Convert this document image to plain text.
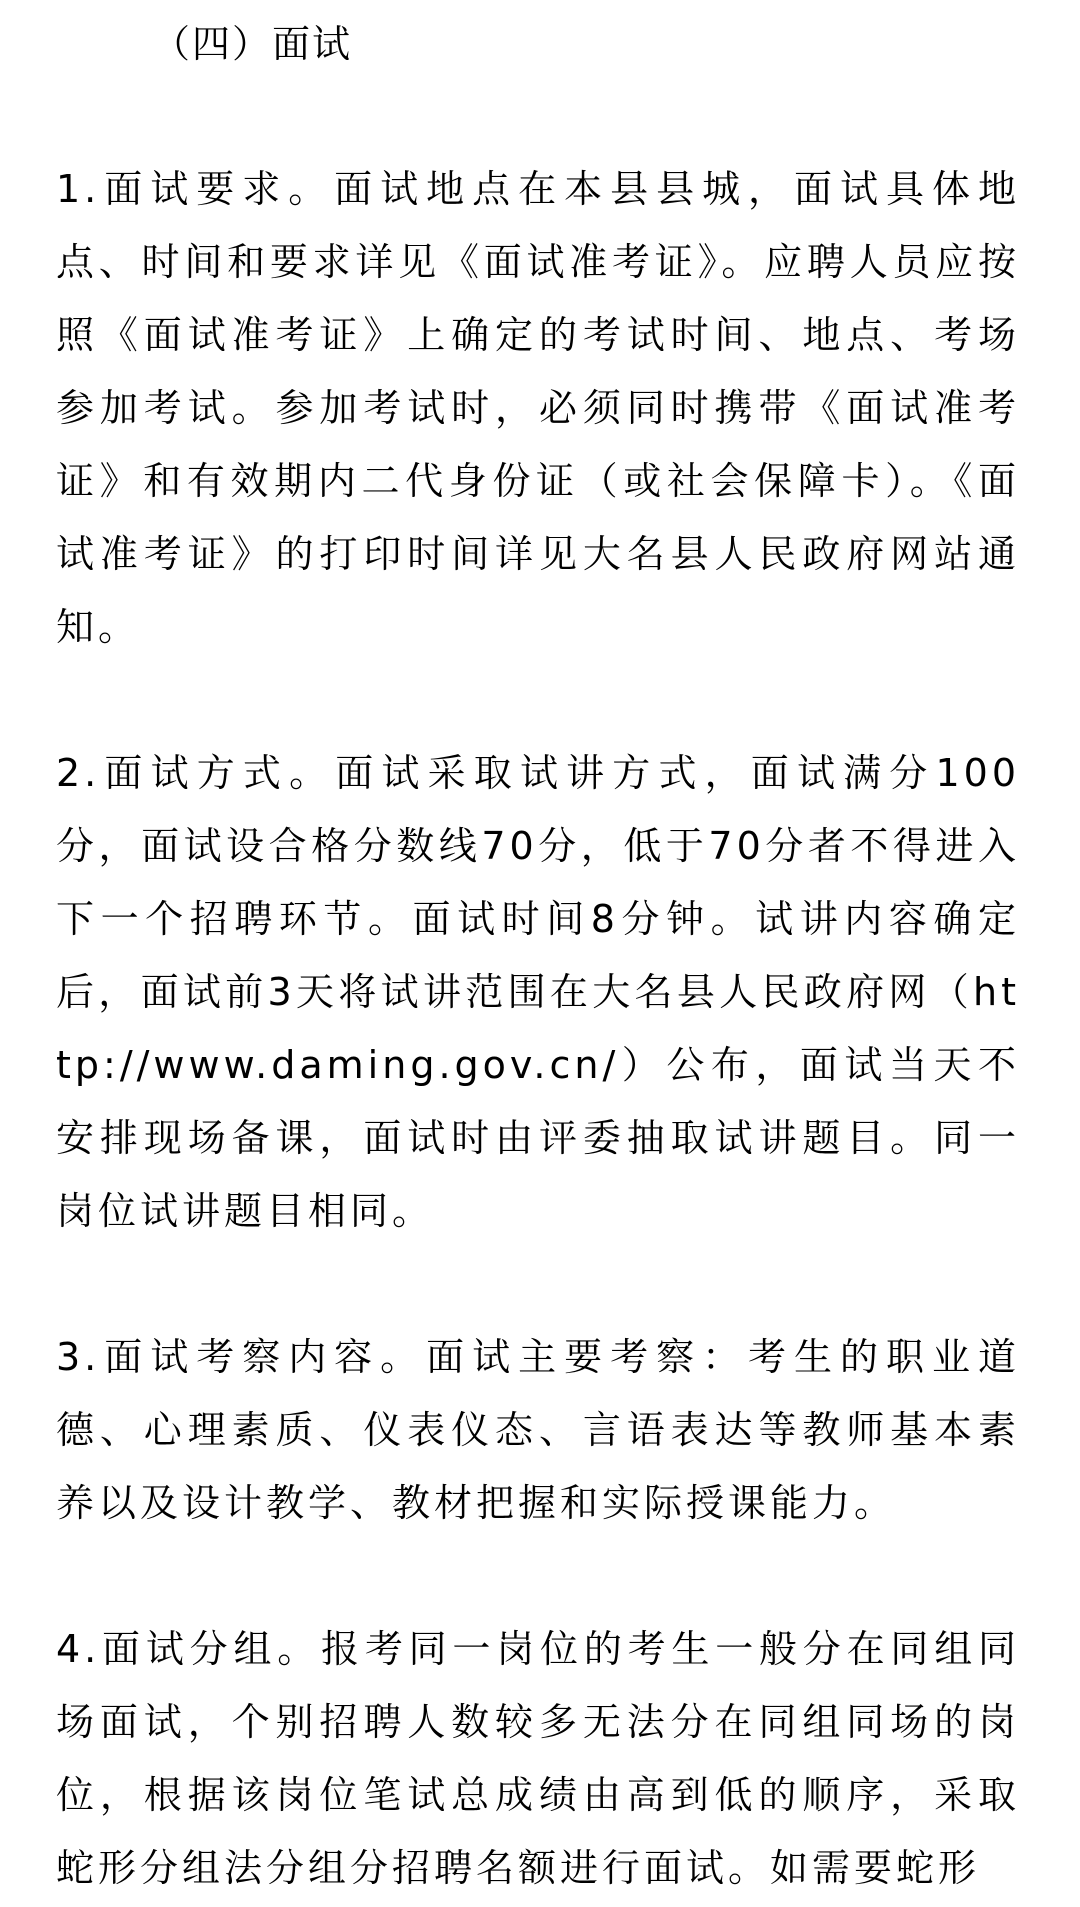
（四）面试

1.面试要求。面试地点在本县县城，面试具体地点、时间和要求详见《面试准考证》。应聘人员应按照《面试准考证》上确定的考试时间、地点、考场参加考试。参加考试时，必须同时携带《面试准考证》和有效期内二代身份证（或社会保障卡）。《面试准考证》的打印时间详见大名县人民政府网站通知。

2.面试方式。面试采取试讲方式，面试满分100分，面试设合格分数线70分，低于70分者不得进入下一个招聘环节。面试时间8分钟。试讲内容确定后，面试前3天将试讲范围在大名县人民政府网（http://www.daming.gov.cn/）公布，面试当天不安排现场备课，面试时由评委抽取试讲题目。同一岗位试讲题目相同。

3.面试考察内容。面试主要考察：考生的职业道德、心理素质、仪表仪态、言语表达等教师基本素养以及设计教学、教材把握和实际授课能力。

4.面试分组。报考同一岗位的考生一般分在同组同场面试，个别招聘人数较多无法分在同组同场的岗位，根据该岗位笔试总成绩由高到低的顺序，采取蛇形分组法分组分招聘名额进行面试。如需要蛇形
